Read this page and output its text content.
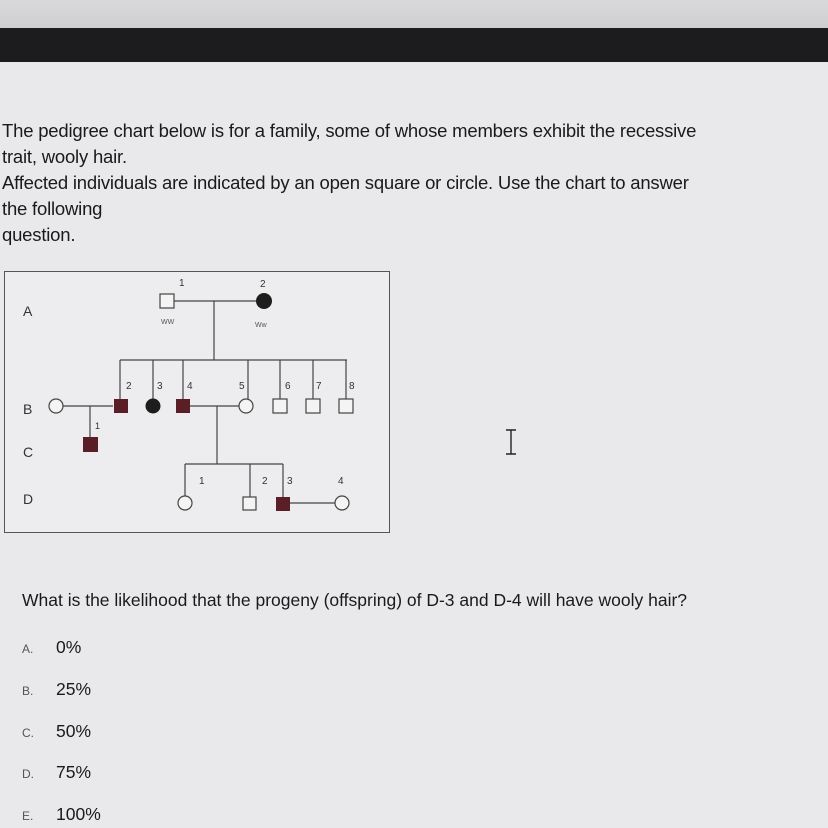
The pedigree chart below is for a family, some of whose members exhibit the recessive
trait, wooly hair.
Affected individuals are indicated by an open square or circle. Use the chart to answer
the following
question.
A
B
C
D
1
WW
2
Ww
2	3 4	5	6	7	8
1
1	2 3	4
What is the likelihood that the progeny (offspring) of D-3 and D-4 will have wooly hair?
A.	0%
B.	25%
C.	50%
D.	75%
E.	100%
